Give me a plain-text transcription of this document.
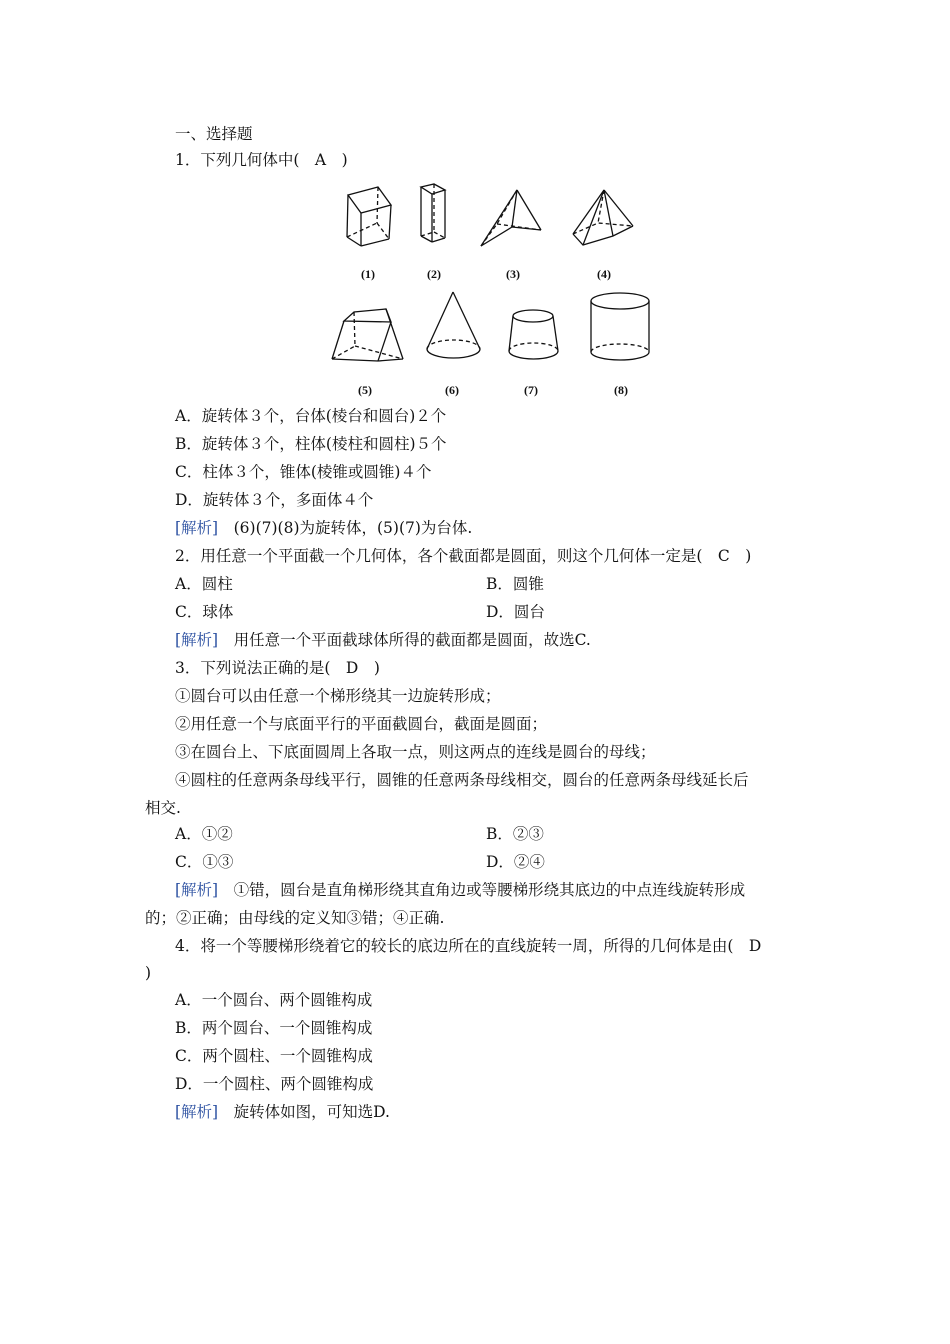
一、选择题
1．下列几何体中(　A　)
(1)	(2)	(3)	(4)
(5)	(6)	(7)	(8)
A．旋转体３个，台体(棱台和圆台)２个
B．旋转体３个，柱体(棱柱和圆柱)５个
C．柱体３个，锥体(棱锥或圆锥)４个
D．旋转体３个，多面体４个
[解析]　 (6)(7)(8)为旋转体，(5)(7)为台体.
2．用任意一个平面截一个几何体，各个截面都是圆面，则这个几何体一定是(　C　)
A．圆柱	B．圆锥
C．球体	D．圆台
[解析]　 用任意一个平面截球体所得的截面都是圆面，故选C.
3．下列说法正确的是(　D　)
①圆台可以由任意一个梯形绕其一边旋转形成；
②用任意一个与底面平行的平面截圆台，截面是圆面；
③在圆台上、下底面圆周上各取一点，则这两点的连线是圆台的母线；
④圆柱的任意两条母线平行，圆锥的任意两条母线相交，圆台的任意两条母线延长后
相交.
A．①②	B．②③
C．①③	D．②④
[解析]　 ①错，圆台是直角梯形绕其直角边或等腰梯形绕其底边的中点连线旋转形成
的；②正确；由母线的定义知③错；④正确.
4．将一个等腰梯形绕着它的较长的底边所在的直线旋转一周，所得的几何体是由(　D
)
A．一个圆台、两个圆锥构成
B．两个圆台、一个圆锥构成
C．两个圆柱、一个圆锥构成
D．一个圆柱、两个圆锥构成
[解析]　 旋转体如图，可知选D.
